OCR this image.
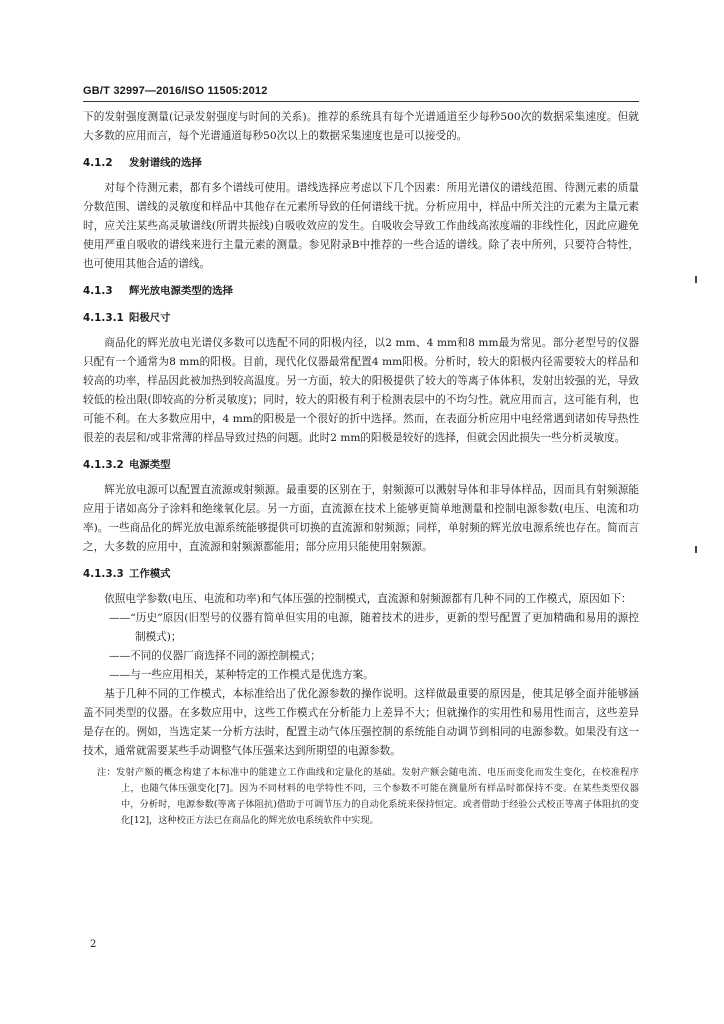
GB/T 32997—2016/ISO 11505:2012

下的发射强度测量(记录发射强度与时间的关系)。推荐的系统具有每个光谱通道至少每秒500次的数据采集速度。但就大多数的应用而言，每个光谱通道每秒50次以上的数据采集速度也是可以接受的。

4.1.2 发射谱线的选择

对每个待测元素，都有多个谱线可使用。谱线选择应考虑以下几个因素：所用光谱仪的谱线范围、待测元素的质量分数范围、谱线的灵敏度和样品中其他存在元素所导致的任何谱线干扰。分析应用中，样品中所关注的元素为主量元素时，应关注某些高灵敏谱线(所谓共振线)自吸收效应的发生。自吸收会导致工作曲线高浓度端的非线性化，因此应避免使用严重自吸收的谱线来进行主量元素的测量。参见附录B中推荐的一些合适的谱线。除了表中所列，只要符合特性，也可使用其他合适的谱线。

4.1.3 辉光放电源类型的选择
4.1.3.1 阳极尺寸

商品化的辉光放电光谱仪多数可以选配不同的阳极内径，以2 mm、4 mm和8 mm最为常见。部分老型号的仪器只配有一个通常为8 mm的阳极。目前，现代化仪器最常配置4 mm阳极。分析时，较大的阳极内径需要较大的样品和较高的功率，样品因此被加热到较高温度。另一方面，较大的阳极提供了较大的等离子体体积，发射出较强的光，导致较低的检出限(即较高的分析灵敏度)；同时，较大的阳极有利于检测表层中的不均匀性。就应用而言，这可能有利，也可能不利。在大多数应用中，4 mm的阳极是一个很好的折中选择。然而，在表面分析应用中电经常遇到诸如传导热性很差的表层和/或非常薄的样品导致过热的问题。此时2 mm的阳极是较好的选择，但就会因此损失一些分析灵敏度。

4.1.3.2 电源类型

辉光放电源可以配置直流源或射频源。最重要的区别在于，射频源可以溅射导体和非导体样品，因而具有射频源能应用于诸如高分子涂料和绝缘氧化层。另一方面，直流源在技术上能够更简单地测量和控制电源参数(电压、电流和功率)。一些商品化的辉光放电源系统能够提供可切换的直流源和射频源；同样，单射频的辉光放电源系统也存在。简而言之，大多数的应用中，直流源和射频源都能用；部分应用只能使用射频源。

4.1.3.3 工作模式

依照电学参数(电压、电流和功率)和气体压强的控制模式，直流源和射频源都有几种不同的工作模式，原因如下：

——“历史”原因(旧型号的仪器有简单但实用的电源，随着技术的进步，更新的型号配置了更加精确和易用的源控制模式)；
——不同的仪器厂商选择不同的源控制模式；
——与一些应用相关，某种特定的工作模式是优选方案。

基于几种不同的工作模式，本标准给出了优化源参数的操作说明。这样做最重要的原因是，使其足够全面并能够涵盖不同类型的仪器。在多数应用中，这些工作模式在分析能力上差异不大；但就操作的实用性和易用性而言，这些差异是存在的。例如，当选定某一分析方法时，配置主动气体压强控制的系统能自动调节到相同的电源参数。如果没有这一技术，通常就需要某些手动调整气体压强来达到所期望的电源参数。

注：发射产额的概念构建了本标准中的能建立工作曲线和定量化的基础。发射产额会随电流、电压而变化而发生变化，在校准程序上，也随气体压强变化[7]。因为不同材料的电学特性不同，三个参数不可能在测量所有样品时都保持不变。在某些类型仪器中，分析时，电源参数(等离子体阻抗)借助于可调节压力的自动化系统来保持恒定。或者借助于经验公式校正等离子体阻抗的变化[12]，这种校正方法已在商品化的辉光放电系统软件中实现。
2
